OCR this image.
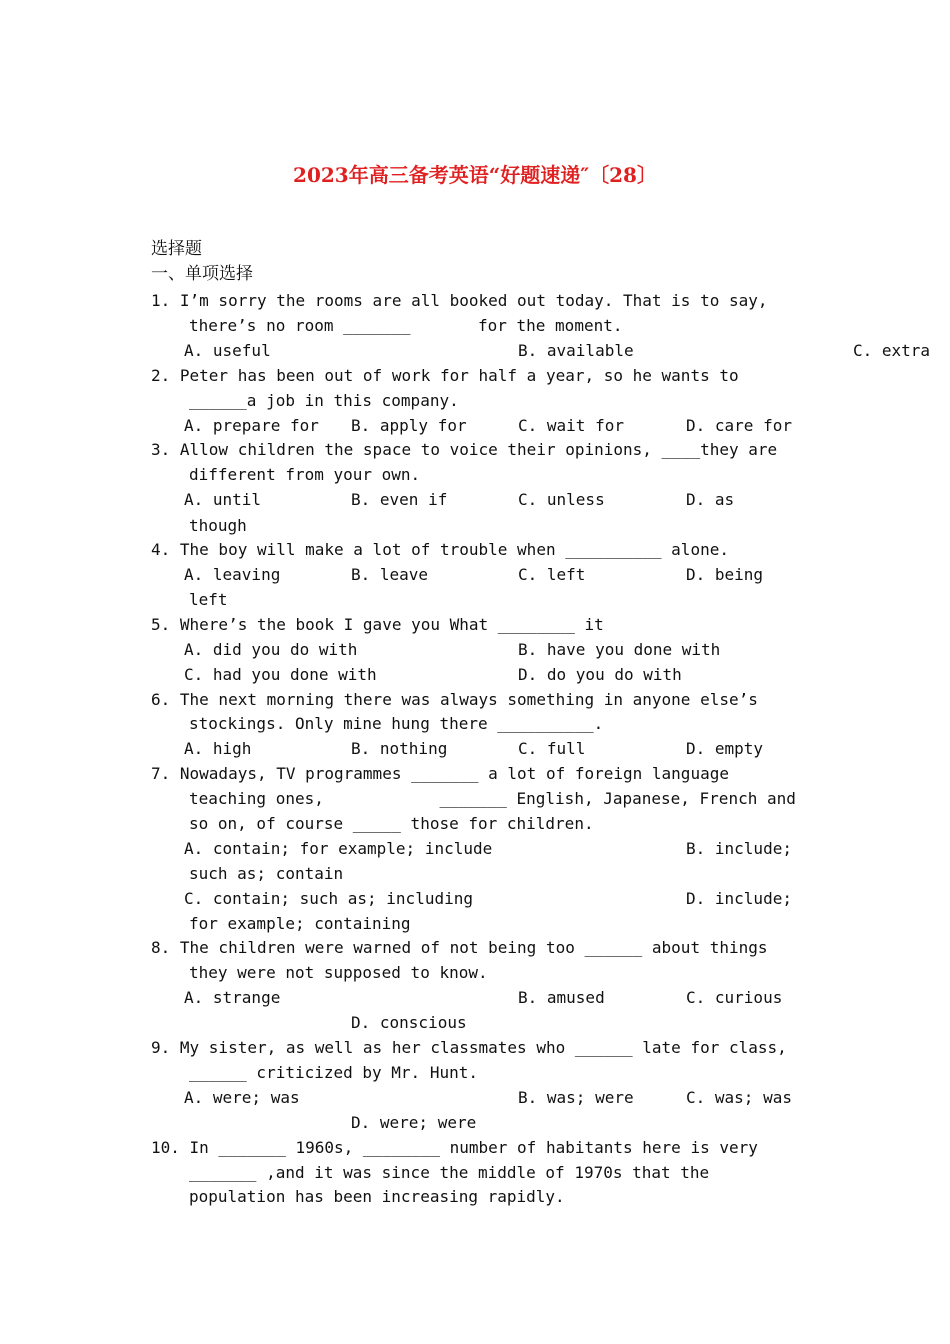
2023年高三备考英语“好题速递″〔28〕
选择题
一、单项选择
1. I’m sorry the rooms are all booked out today. That is to say,
there’s no room _______       for the moment.
A. useful	B. available	C. extra
2. Peter has been out of work for half a year, so he wants to
______a job in this company.
A. prepare for B. apply for	C. wait for	D. care for
3. Allow children the space to voice their opinions, ____they are
different from your own.
A. until	B. even if	C. unless	D. as
though
4. The boy will make a lot of trouble when __________ alone.
A. leaving	B. leave	C. left	D. being
left
5. Where’s the book I gave you What ________ it
A. did you do with	B. have you done with
C. had you done with	D. do you do with
6. The next morning there was always something in anyone else’s
stockings. Only mine hung there __________.
A. high	B. nothing	C. full	D. empty
7. Nowadays, TV programmes _______ a lot of foreign language
teaching ones,            _______ English, Japanese, French and
so on, of course _____ those for children.
A. contain; for example; include	B. include;
such as; contain
C. contain; such as; including	D. include;
for example; containing
8. The children were warned of not being too ______ about things
they were not supposed to know.
A. strange	B. amused	C. curious
D. conscious
9. My sister, as well as her classmates who ______ late for class,
______ criticized by Mr. Hunt.
A. were; was	B. was; were	C. was; was
D. were; were
10. In _______ 1960s, ________ number of habitants here is very
_______ ,and it was since the middle of 1970s that the
population has been increasing rapidly.
